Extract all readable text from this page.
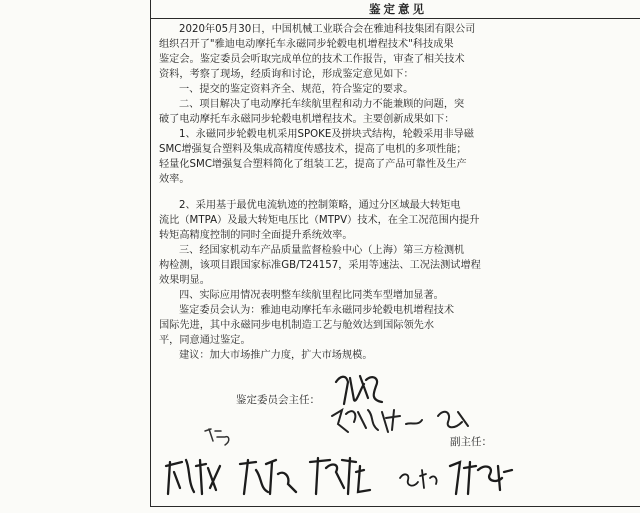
鉴定意见

2020年05月30日，中国机械工业联合会在雅迪科技集团有限公司

组织召开了"雅迪电动摩托车永磁同步轮毂电机增程技术"科技成果

鉴定会。鉴定委员会听取完成单位的技术工作报告，审查了相关技术

资料，考察了现场，经质询和讨论，形成鉴定意见如下：

一、提交的鉴定资料齐全、规范，符合鉴定的要求。

二、项目解决了电动摩托车续航里程和动力不能兼顾的问题，突

破了电动摩托车永磁同步轮毂电机增程技术。主要创新成果如下：

1、永磁同步轮毂电机采用SPOKE及拼块式结构，轮毂采用非导磁

SMC增强复合塑料及集成高精度传感技术，提高了电机的多项性能；

轻量化SMC增强复合塑料简化了组装工艺，提高了产品可靠性及生产

效率。

2、采用基于最优电流轨迹的控制策略，通过分区域最大转矩电

流比（MTPA）及最大转矩电压比（MTPV）技术，在全工况范围内提升

转矩高精度控制的同时全面提升系统效率。

三、经国家机动车产品质量监督检验中心（上海）第三方检测机

构检测，该项目跟国家标准GB/T24157，采用等速法、工况法测试增程

效果明显。

四、实际应用情况表明整车续航里程比同类车型增加显著。

鉴定委员会认为：雅迪电动摩托车永磁同步轮毂电机增程技术

国际先进，其中永磁同步电机制造工艺与舱效达到国际领先水

平，同意通过鉴定。

建议：加大市场推广力度，扩大市场规模。

鉴定委员会主任：
副主任：
